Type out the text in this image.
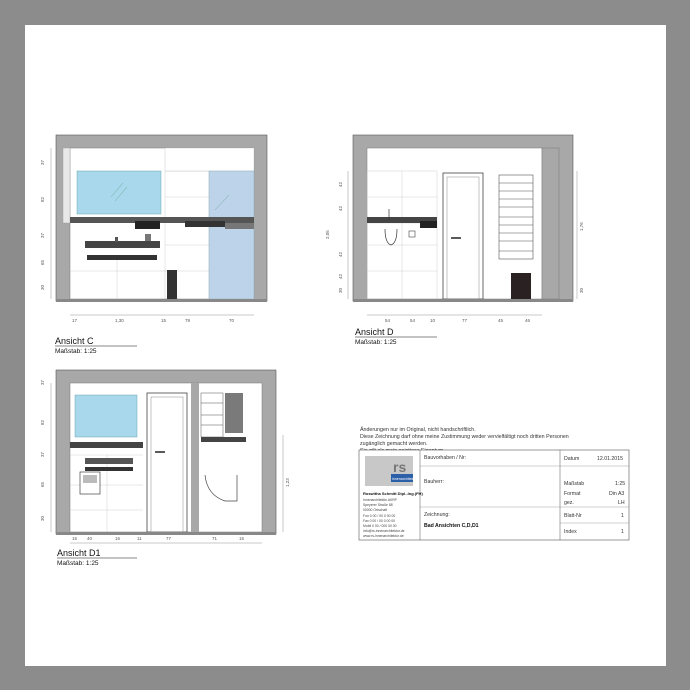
17	1,30	15	79	70
37
82
37
65
30
Ansicht C
Maßstab: 1:25
54	54	10	77	45	46
42
42
2,05
42
42
30
1,76
30
Ansicht D
Maßstab: 1:25
15 40	16	11	77	71	15
37
82
37
65
30
1,23
Ansicht D1
Maßstab: 1:25
Änderungen nur im Original, nicht handschriftlich.
Diese Zeichnung darf ohne meine Zustimmung weder vervielfältigt noch dritten Personen
zugänglich gemacht werden.
rs
innenarchitektur
Roswitha Schmitt Dipl.-Ing.(FH)
Innenarchitektin AKRP
Speyerer Straße 88
00000 Ortschaft
Fon 0 00 / 00 0 00 00
Fax 0 00 / 00 0 00 00
Mobil 0 00 / 000 00 00
info@rs-innenarchitektur.de
www.rs-innenarchitektur.de
Bauvorhaben / Nr:
Bauherr:
Zeichnung:
Bad Ansichten C,D,D1
Datum	12.01.2015
Maßstab	1:25
Format	Din A3
gez.	LH
Blatt-Nr	1
Index	1
